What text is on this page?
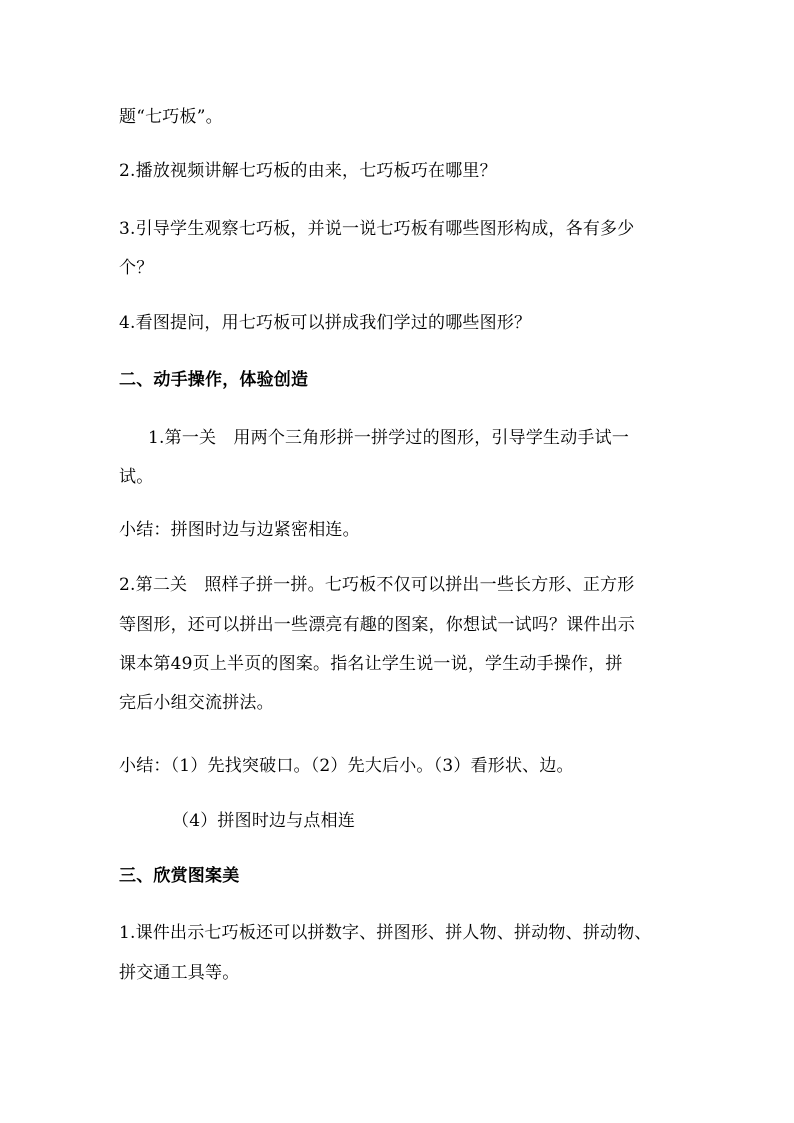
题“七巧板”。
2.播放视频讲解七巧板的由来，七巧板巧在哪里？
3.引导学生观察七巧板，并说一说七巧板有哪些图形构成，各有多少
个？
4.看图提问，用七巧板可以拼成我们学过的哪些图形？
二、动手操作，体验创造
1.第一关　用两个三角形拼一拼学过的图形，引导学生动手试一
试。
小结：拼图时边与边紧密相连。
2.第二关　照样子拼一拼。七巧板不仅可以拼出一些长方形、正方形
等图形，还可以拼出一些漂亮有趣的图案，你想试一试吗？课件出示
课本第49页上半页的图案。指名让学生说一说，学生动手操作，拼
完后小组交流拼法。
小结：（1）先找突破口。（2）先大后小。（3）看形状、边。
（4）拼图时边与点相连
三、欣赏图案美
1.课件出示七巧板还可以拼数字、拼图形、拼人物、拼动物、拼动物、
拼交通工具等。
